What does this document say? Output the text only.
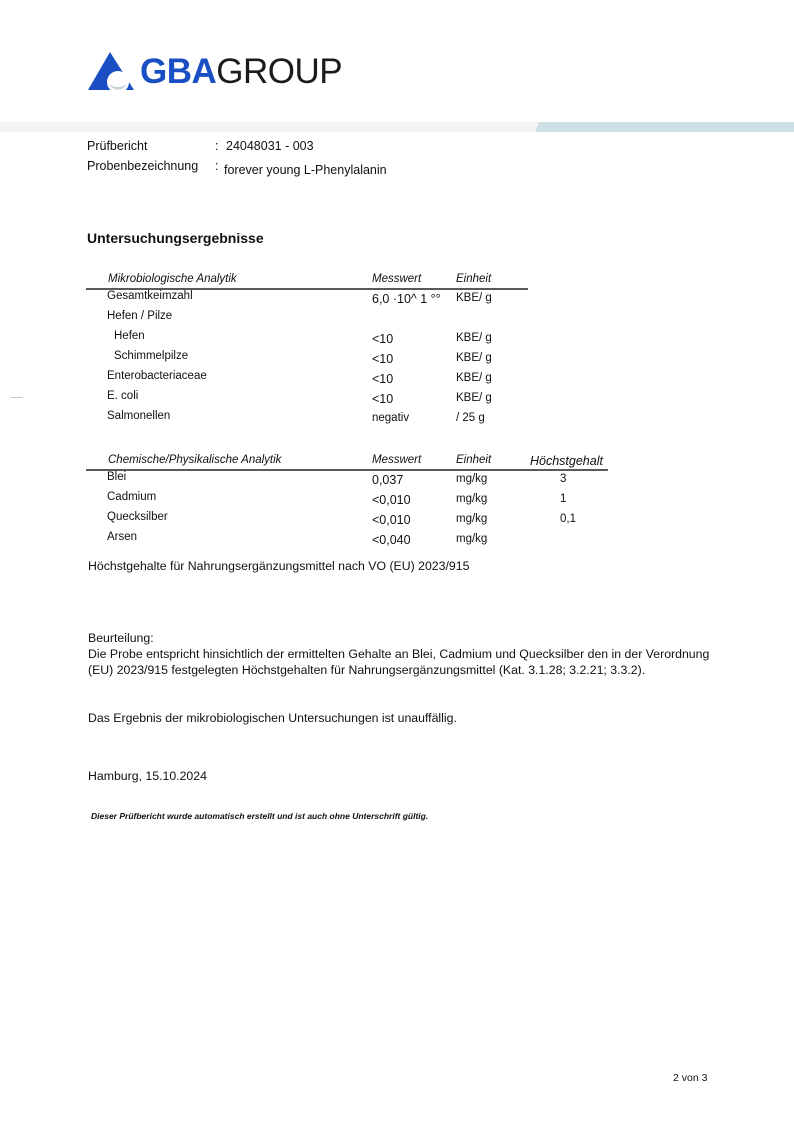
GBAGROUP
Prüfbericht	: 24048031 - 003
Probenbezeichnung : forever young L-Phenylalanin
Untersuchungsergebnisse
Mikrobiologische Analytik	Messwert	Einheit
Gesamtkeimzahl	6,0 ·10^ 1 °° KBE/ g
Hefen / Pilze
Hefen	<10	KBE/ g
Schimmelpilze	<10	KBE/ g
Enterobacteriaceae	<10	KBE/ g
E. coli	<10	KBE/ g
Salmonellen	negativ	/ 25 g
Chemische/Physikalische Analytik	Messwert	Einheit	Höchstgehalt
Blei	0,037	mg/kg	3
Cadmium	<0,010	mg/kg	1
Quecksilber	<0,010	mg/kg	0,1
Arsen	<0,040	mg/kg
Höchstgehalte für Nahrungsergänzungsmittel nach VO (EU) 2023/915
Beurteilung:
Die Probe entspricht hinsichtlich der ermittelten Gehalte an Blei, Cadmium und Quecksilber den in der Verordnung (EU) 2023/915 festgelegten Höchstgehalten für Nahrungsergänzungsmittel (Kat. 3.1.28; 3.2.21; 3.3.2).
Das Ergebnis der mikrobiologischen Untersuchungen ist unauffällig.
Hamburg, 15.10.2024
Dieser Prüfbericht wurde automatisch erstellt und ist auch ohne Unterschrift gültig.
2 von 3
